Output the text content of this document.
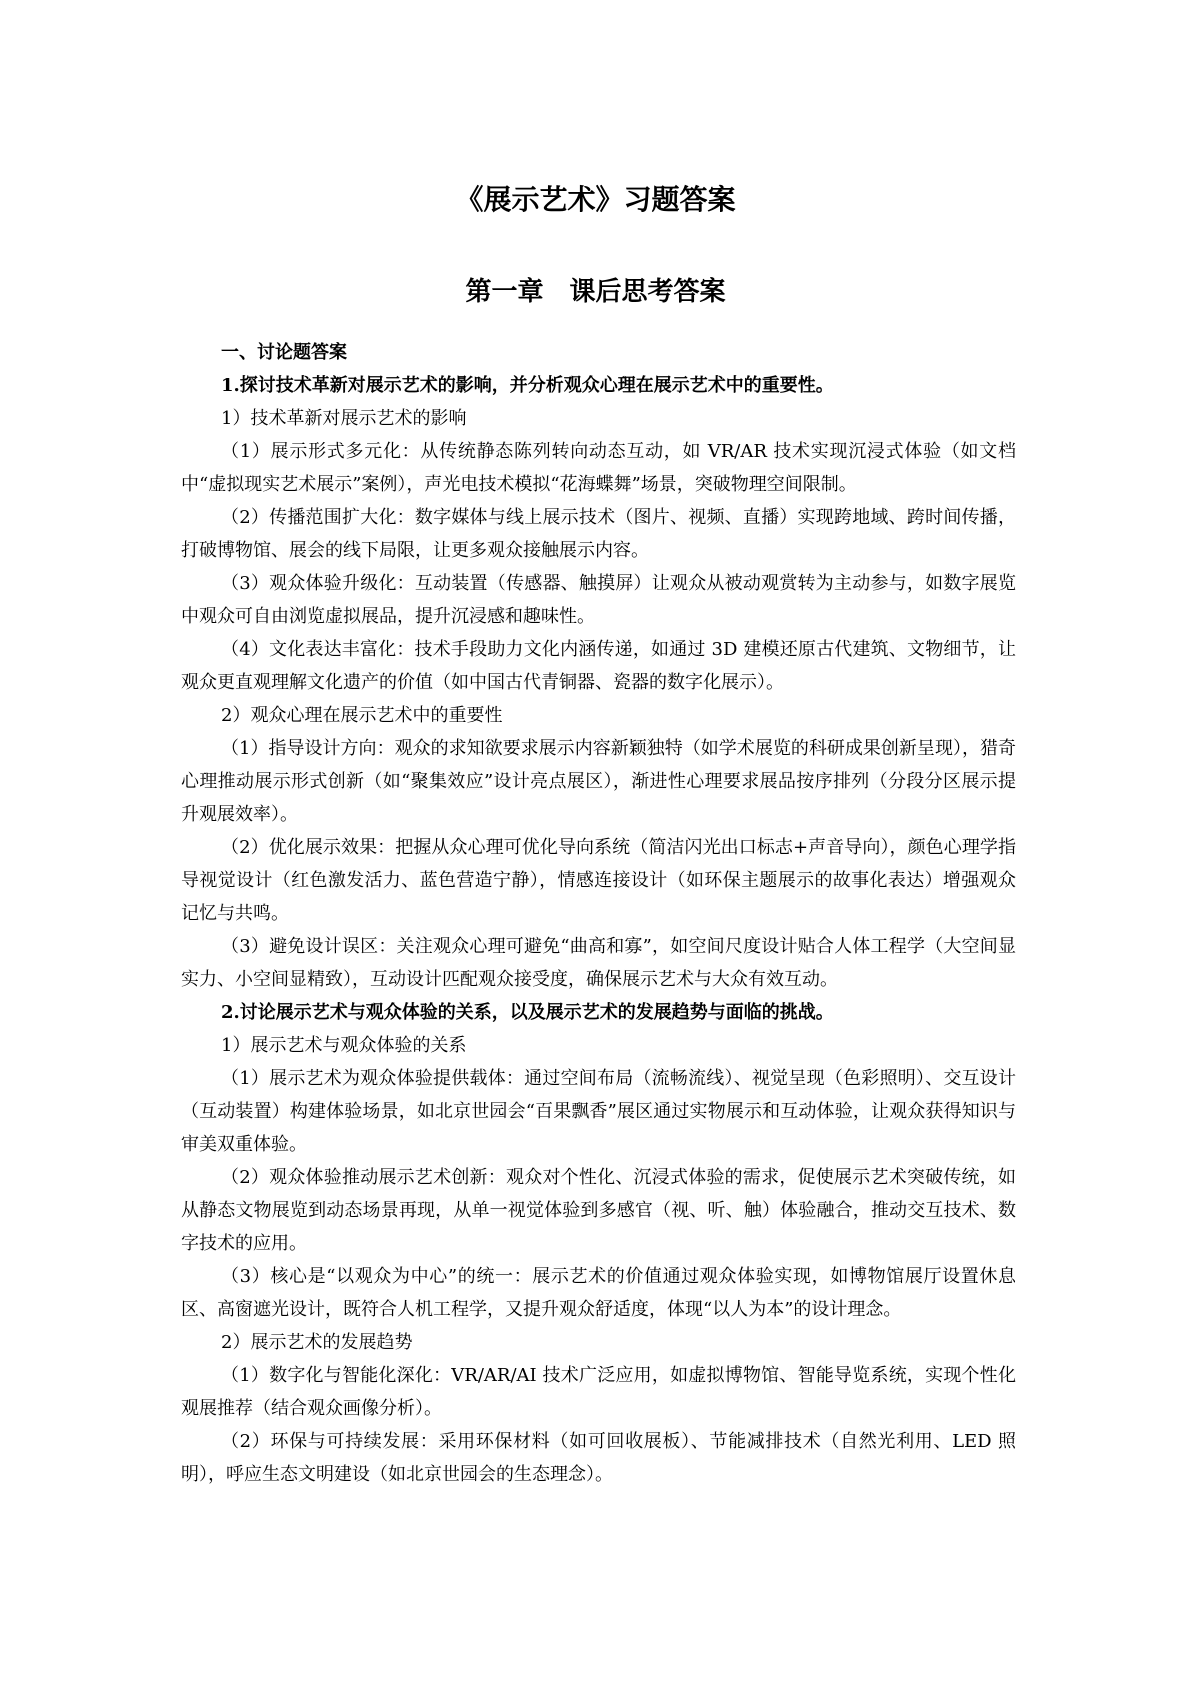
《展示艺术》习题答案
第一章　课后思考答案

一、讨论题答案

1.探讨技术革新对展示艺术的影响，并分析观众心理在展示艺术中的重要性。

1）技术革新对展示艺术的影响

（1）展示形式多元化：从传统静态陈列转向动态互动，如 VR/AR 技术实现沉浸式体验（如文档中“虚拟现实艺术展示”案例），声光电技术模拟“花海蝶舞”场景，突破物理空间限制。

（2）传播范围扩大化：数字媒体与线上展示技术（图片、视频、直播）实现跨地域、跨时间传播，打破博物馆、展会的线下局限，让更多观众接触展示内容。

（3）观众体验升级化：互动装置（传感器、触摸屏）让观众从被动观赏转为主动参与，如数字展览中观众可自由浏览虚拟展品，提升沉浸感和趣味性。

（4）文化表达丰富化：技术手段助力文化内涵传递，如通过 3D 建模还原古代建筑、文物细节，让观众更直观理解文化遗产的价值（如中国古代青铜器、瓷器的数字化展示）。

2）观众心理在展示艺术中的重要性

（1）指导设计方向：观众的求知欲要求展示内容新颖独特（如学术展览的科研成果创新呈现），猎奇心理推动展示形式创新（如“聚集效应”设计亮点展区），渐进性心理要求展品按序排列（分段分区展示提升观展效率）。

（2）优化展示效果：把握从众心理可优化导向系统（简洁闪光出口标志+声音导向），颜色心理学指导视觉设计（红色激发活力、蓝色营造宁静），情感连接设计（如环保主题展示的故事化表达）增强观众记忆与共鸣。

（3）避免设计误区：关注观众心理可避免“曲高和寡”，如空间尺度设计贴合人体工程学（大空间显实力、小空间显精致），互动设计匹配观众接受度，确保展示艺术与大众有效互动。

2.讨论展示艺术与观众体验的关系，以及展示艺术的发展趋势与面临的挑战。

1）展示艺术与观众体验的关系

（1）展示艺术为观众体验提供载体：通过空间布局（流畅流线）、视觉呈现（色彩照明）、交互设计（互动装置）构建体验场景，如北京世园会“百果飘香”展区通过实物展示和互动体验，让观众获得知识与审美双重体验。

（2）观众体验推动展示艺术创新：观众对个性化、沉浸式体验的需求，促使展示艺术突破传统，如从静态文物展览到动态场景再现，从单一视觉体验到多感官（视、听、触）体验融合，推动交互技术、数字技术的应用。

（3）核心是“以观众为中心”的统一：展示艺术的价值通过观众体验实现，如博物馆展厅设置休息区、高窗遮光设计，既符合人机工程学，又提升观众舒适度，体现“以人为本”的设计理念。

2）展示艺术的发展趋势

（1）数字化与智能化深化：VR/AR/AI 技术广泛应用，如虚拟博物馆、智能导览系统，实现个性化观展推荐（结合观众画像分析）。

（2）环保与可持续发展：采用环保材料（如可回收展板）、节能减排技术（自然光利用、LED 照明），呼应生态文明建设（如北京世园会的生态理念）。
